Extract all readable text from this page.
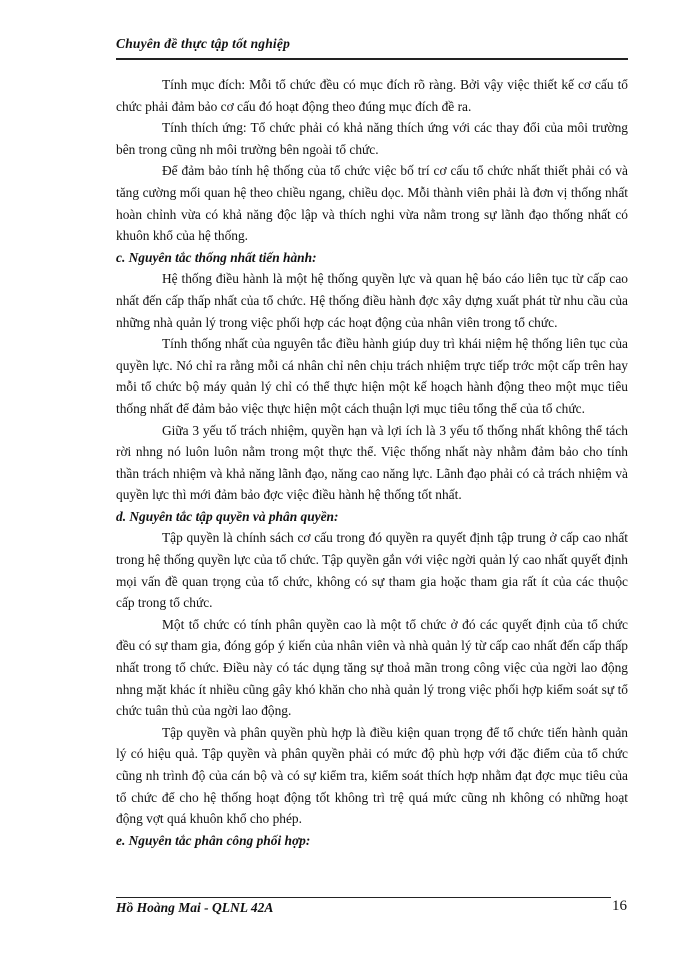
Chuyên đề thực tập tốt nghiệp

Tính mục đích: Mỗi tổ chức đều có mục đích rõ ràng. Bởi vậy việc thiết kế cơ cấu tổ chức phải đảm bảo cơ cấu đó hoạt động theo đúng mục đích đề ra.

Tính thích ứng: Tổ chức phải có khả năng thích ứng với các thay đổi của môi trường bên trong cũng nh môi trường bên ngoài tổ chức.

Để đảm bảo tính hệ thống của tổ chức việc bố trí cơ cấu tổ chức nhất thiết phải có và tăng cường mối quan hệ theo chiều ngang, chiều dọc. Mỗi thành viên phải là đơn vị thống nhất hoàn chỉnh vừa có khả năng độc lập và thích nghi vừa nằm trong sự lãnh đạo thống nhất có khuôn khổ của hệ thống.

c. Nguyên tắc thống nhất tiến hành:

Hệ thống điều hành là một hệ thống quyền lực và quan hệ báo cáo liên tục từ cấp cao nhất đến cấp thấp nhất của tổ chức. Hệ thống điều hành đợc xây dựng xuất phát từ nhu cầu của những nhà quản lý trong việc phối hợp các hoạt động của nhân viên trong tổ chức.

Tính thống nhất của nguyên tắc điều hành giúp duy trì khái niệm hệ thống liên tục của quyền lực. Nó chỉ ra rằng mỗi cá nhân chỉ nên chịu trách nhiệm trực tiếp trớc một cấp trên hay mỗi tổ chức bộ máy quản lý chỉ có thể thực hiện một kế hoạch hành động theo một mục tiêu thống nhất để đảm bảo việc thực hiện một cách thuận lợi mục tiêu tổng thể của tổ chức.

Giữa 3 yếu tố trách nhiệm, quyền hạn và lợi ích là 3 yếu tố thống nhất không thể tách rời nhng nó luôn luôn nằm trong một thực thể. Việc thống nhất này nhằm đảm bảo cho tính thần trách nhiệm và khả năng lãnh đạo, năng cao năng lực. Lãnh đạo phải có cả trách nhiệm và quyền lực thì mới đảm bảo đợc việc điều hành hệ thống tốt nhất.

d. Nguyên tắc tập quyền và phân quyền:

Tập quyền là chính sách cơ cấu trong đó quyền ra quyết định tập trung ở cấp cao nhất trong hệ thống quyền lực của tổ chức. Tập quyền gắn với việc ngời quản lý cao nhất quyết định mọi vấn đề quan trọng của tổ chức, không có sự tham gia hoặc tham gia rất ít của các thuộc cấp trong tổ chức.

Một tổ chức có tính phân quyền cao là một tổ chức ở đó các quyết định của tổ chức đều có sự tham gia, đóng góp ý kiến của nhân viên và nhà quản lý từ cấp cao nhất đến cấp thấp nhất trong tổ chức. Điều này có tác dụng tăng sự thoả mãn trong công việc của ngời lao động nhng mặt khác ít nhiều cũng gây khó khăn cho nhà quản lý trong việc phối hợp kiểm soát sự tổ chức tuân thủ của ngời lao động.

Tập quyền và phân quyền phù hợp là điều kiện quan trọng để tổ chức tiến hành quản lý có hiệu quả. Tập quyền và phân quyền phải có mức độ phù hợp với đặc điểm của tổ chức cũng nh trình độ của cán bộ và có sự kiểm tra, kiểm soát thích hợp nhằm đạt đợc mục tiêu của tổ chức để cho hệ thống hoạt động tốt không trì trệ quá mức cũng nh không có những hoạt động vợt quá khuôn khổ cho phép.

e. Nguyên tắc phân công phối hợp:

Hồ Hoàng Mai - QLNL 42A	16
